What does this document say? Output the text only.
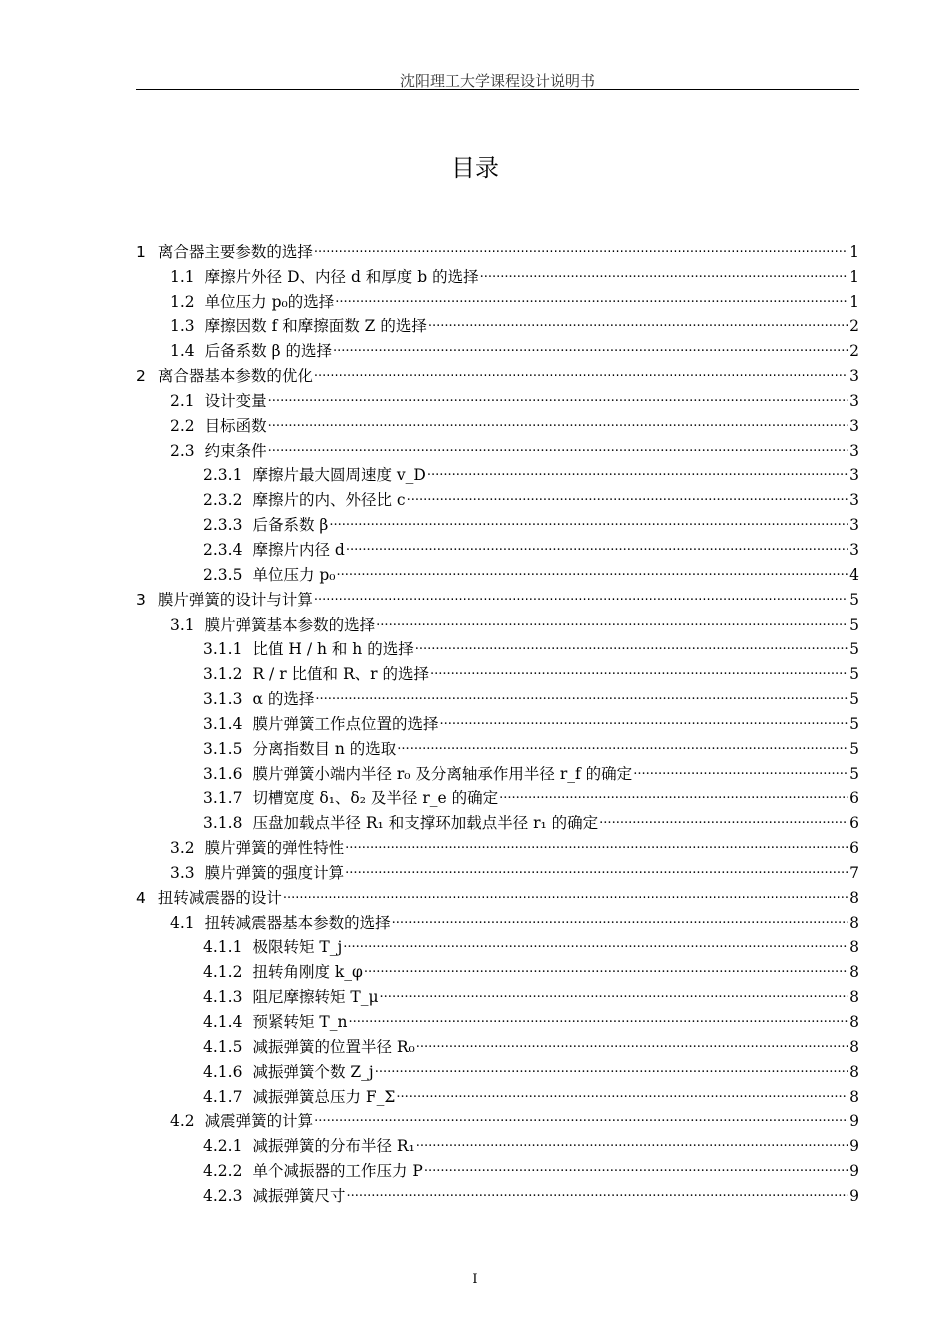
沈阳理工大学课程设计说明书
目录
1 离合器主要参数的选择 .....	1
1.1 摩擦片外径 D、内径 d 和厚度 b 的选择 .....	1
1.2 单位压力 p₀的选择 .....	1
1.3 摩擦因数 f 和摩擦面数 Z 的选择 .....	2
1.4 后备系数 β 的选择 .....	2
2 离合器基本参数的优化 .....	3
2.1 设计变量 .....	3
2.2 目标函数 .....	3
2.3 约束条件 .....	3
2.3.1 摩擦片最大圆周速度 v_D .....	3
2.3.2 摩擦片的内、外径比 c .....	3
2.3.3 后备系数 β .....	3
2.3.4 摩擦片内径 d .....	3
2.3.5 单位压力 p₀ .....	4
3 膜片弹簧的设计与计算 .....	5
3.1 膜片弹簧基本参数的选择 .....	5
3.1.1 比值 H / h 和 h 的选择 .....	5
3.1.2 R / r 比值和 R、r 的选择 .....	5
3.1.3 α 的选择 .....	5
3.1.4 膜片弹簧工作点位置的选择 .....	5
3.1.5 分离指数目 n 的选取 .....	5
3.1.6 膜片弹簧小端内半径 r₀ 及分离轴承作用半径 r_f 的确定 .....	5
3.1.7 切槽宽度 δ₁、δ₂ 及半径 r_e 的确定 .....	6
3.1.8 压盘加载点半径 R₁ 和支撑环加载点半径 r₁ 的确定 .....	6
3.2 膜片弹簧的弹性特性 .....	6
3.3 膜片弹簧的强度计算 .....	7
4 扭转减震器的设计 .....	8
4.1 扭转减震器基本参数的选择 .....	8
4.1.1 极限转矩 T_j .....	8
4.1.2 扭转角刚度 k_φ .....	8
4.1.3 阻尼摩擦转矩 T_μ .....	8
4.1.4 预紧转矩 T_n .....	8
4.1.5 减振弹簧的位置半径 R₀ .....	8
4.1.6 减振弹簧个数 Z_j .....	8
4.1.7 减振弹簧总压力 F_Σ .....	8
4.2 减震弹簧的计算 .....	9
4.2.1 减振弹簧的分布半径 R₁ .....	9
4.2.2 单个减振器的工作压力 P .....	9
4.2.3 减振弹簧尺寸 .....	9
I
